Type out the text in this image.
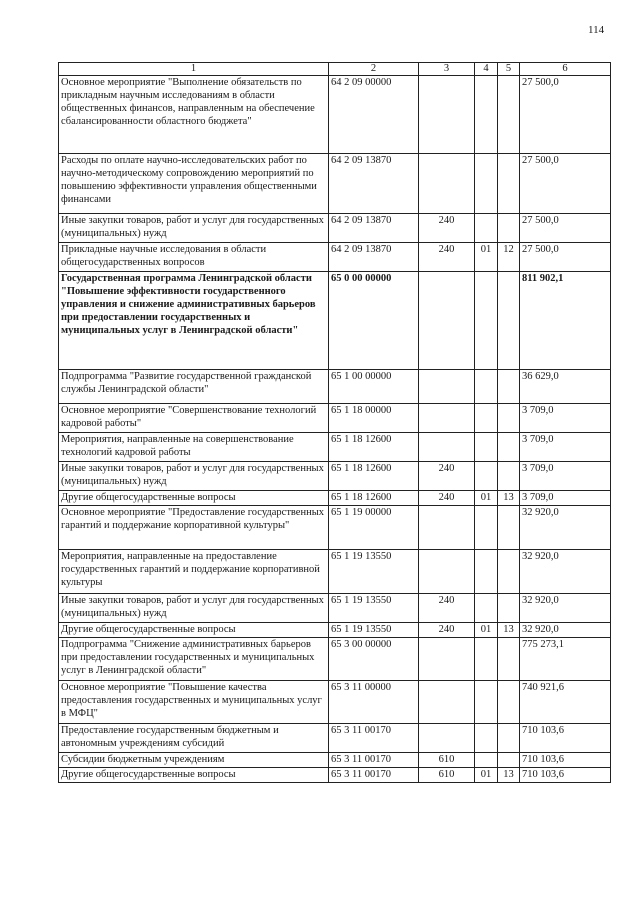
114
1	2	3	4	5	6
Основное мероприятие "Выполнение обязательств по прикладным научным исследованиям в области общественных финансов, направленным на обеспечение сбалансированности областного бюджета"	64 2 09 00000				27 500,0
Расходы по оплате научно-исследовательских работ по научно-методическому сопровождению мероприятий по повышению эффективности управления общественными финансами	64 2 09 13870				27 500,0
Иные закупки товаров, работ и услуг для государственных (муниципальных) нужд	64 2 09 13870	240			27 500,0
Прикладные научные исследования в области общегосударственных вопросов	64 2 09 13870	240	01	12	27 500,0
Государственная программа Ленинградской области "Повышение эффективности государственного управления и снижение административных барьеров при предоставлении государственных и муниципальных услуг в Ленинградской области"	65 0 00 00000				811 902,1
Подпрограмма "Развитие государственной гражданской службы Ленинградской области"	65 1 00 00000				36 629,0
Основное мероприятие "Совершенствование технологий кадровой работы"	65 1 18 00000				3 709,0
Мероприятия, направленные на совершенствование технологий кадровой работы	65 1 18 12600				3 709,0
Иные закупки товаров, работ и услуг для государственных (муниципальных) нужд	65 1 18 12600	240			3 709,0
Другие общегосударственные вопросы	65 1 18 12600	240	01	13	3 709,0
Основное мероприятие "Предоставление государственных гарантий и поддержание корпоративной культуры"	65 1 19 00000				32 920,0
Мероприятия, направленные на предоставление государственных гарантий и поддержание корпоративной культуры	65 1 19 13550				32 920,0
Иные закупки товаров, работ и услуг для государственных (муниципальных) нужд	65 1 19 13550	240			32 920,0
Другие общегосударственные вопросы	65 1 19 13550	240	01	13	32 920,0
Подпрограмма "Снижение административных барьеров при предоставлении государственных и муниципальных услуг в Ленинградской области"	65 3 00 00000				775 273,1
Основное мероприятие "Повышение качества предоставления государственных и муниципальных услуг в МФЦ"	65 3 11 00000				740 921,6
Предоставление государственным бюджетным и автономным учреждениям субсидий	65 3 11 00170				710 103,6
Субсидии бюджетным учреждениям	65 3 11 00170	610			710 103,6
Другие общегосударственные вопросы	65 3 11 00170	610	01	13	710 103,6
